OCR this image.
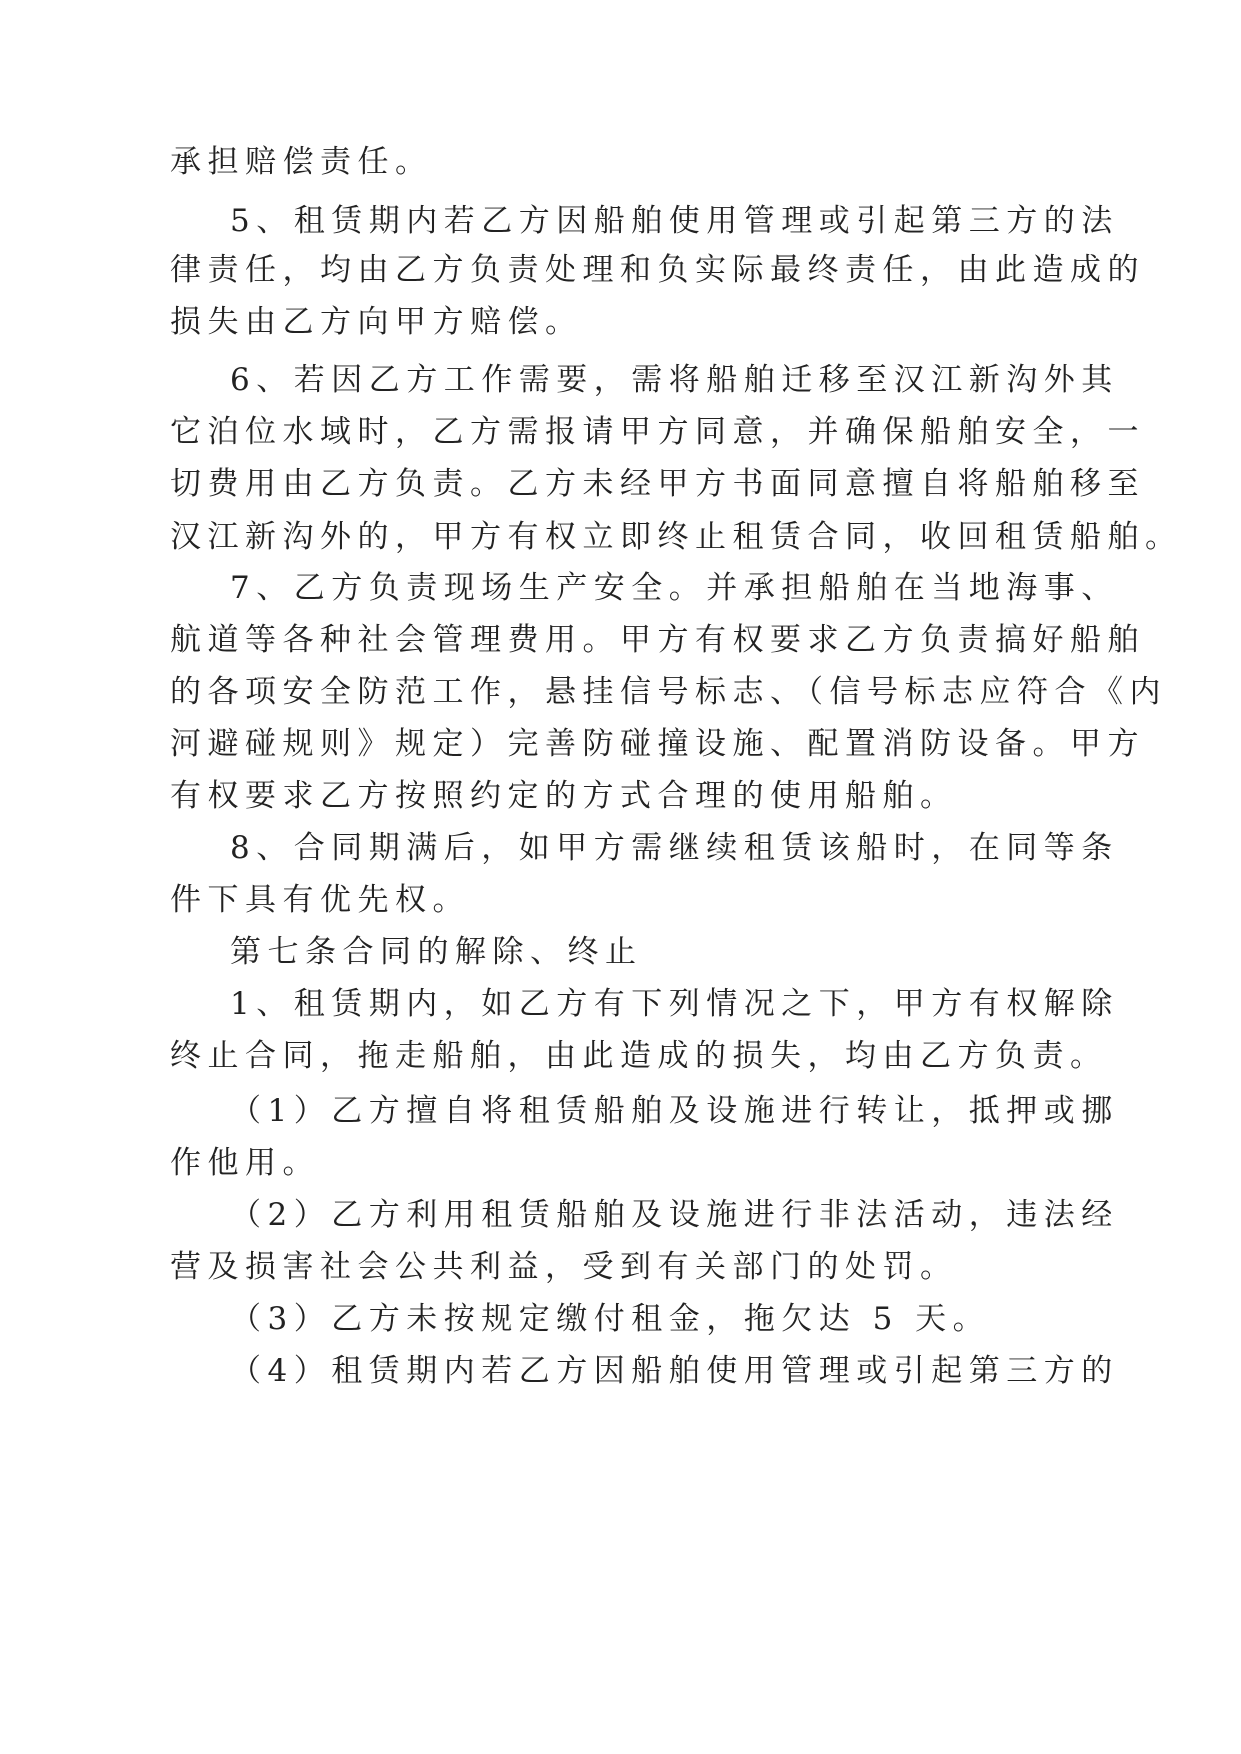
承担赔偿责任。
5、租赁期内若乙方因船舶使用管理或引起第三方的法
律责任，均由乙方负责处理和负实际最终责任，由此造成的
损失由乙方向甲方赔偿。
6、若因乙方工作需要，需将船舶迁移至汉江新沟外其
它泊位水域时，乙方需报请甲方同意，并确保船舶安全，一
切费用由乙方负责。乙方未经甲方书面同意擅自将船舶移至
汉江新沟外的，甲方有权立即终止租赁合同，收回租赁船舶。
7、乙方负责现场生产安全。并承担船舶在当地海事、
航道等各种社会管理费用。甲方有权要求乙方负责搞好船舶
的各项安全防范工作，悬挂信号标志、（信号标志应符合《内
河避碰规则》规定）完善防碰撞设施、配置消防设备。甲方
有权要求乙方按照约定的方式合理的使用船舶。
8、合同期满后，如甲方需继续租赁该船时，在同等条
件下具有优先权。
第七条合同的解除、终止
1、租赁期内，如乙方有下列情况之下，甲方有权解除
终止合同，拖走船舶，由此造成的损失，均由乙方负责。
（1）乙方擅自将租赁船舶及设施进行转让，抵押或挪
作他用。
（2）乙方利用租赁船舶及设施进行非法活动，违法经
营及损害社会公共利益，受到有关部门的处罚。
（3）乙方未按规定缴付租金，拖欠达 5 天。
（4）租赁期内若乙方因船舶使用管理或引起第三方的
